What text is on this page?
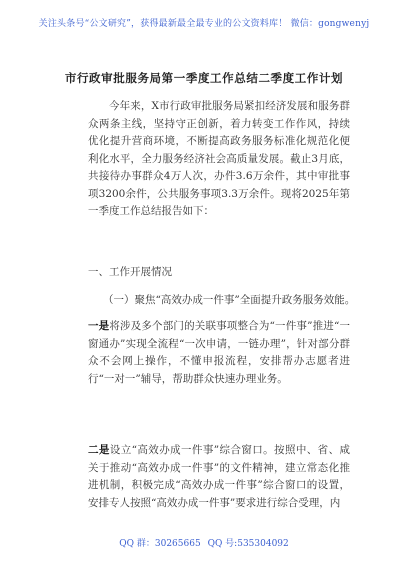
关注头条号“公文研究”，获得最新最全最专业的公文资料库！ 微信：gongwenyj
市行政审批服务局第一季度工作总结二季度工作计划
今年来，X市行政审批服务局紧扣经济发展和服务群众两条主线，坚持守正创新，着力转变工作作风，持续优化提升营商环境，不断提高政务服务标准化规范化便利化水平，全力服务经济社会高质量发展。截止3月底，共接待办事群众4万人次，办件3.6万余件，其中审批事项3200余件，公共服务事项3.3万余件。现将2025年第一季度工作总结报告如下：
一、工作开展情况
（一）聚焦“高效办成一件事”全面提升政务服务效能。
一是将涉及多个部门的关联事项整合为“一件事”推进“一窗通办”实现全流程“一次申请，一链办理”，针对部分群众不会网上操作，不懂申报流程，安排帮办志愿者进行“一对一”辅导，帮助群众快速办理业务。
二是设立“高效办成一件事”综合窗口。按照中、省、咸关于推动“高效办成一件事”的文件精神，建立常态化推进机制，积极完成“高效办成一件事”综合窗口的设置，安排专人按照“高效办成一件事”要求进行综合受理，内
QQ 群：30265665 QQ 号:535304092
